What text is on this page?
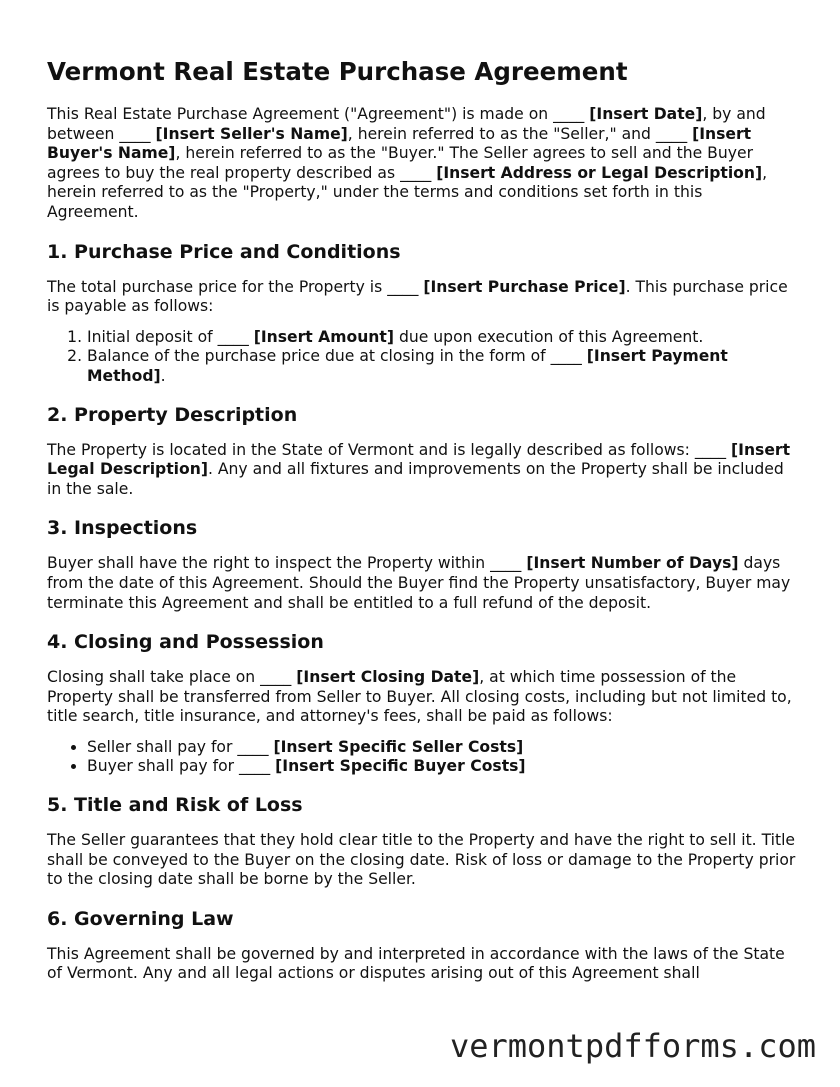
Vermont Real Estate Purchase Agreement

This Real Estate Purchase Agreement ("Agreement") is made on ____ [Insert Date], by and between ____ [Insert Seller's Name], herein referred to as the "Seller," and ____ [Insert Buyer's Name], herein referred to as the "Buyer." The Seller agrees to sell and the Buyer agrees to buy the real property described as ____ [Insert Address or Legal Description], herein referred to as the "Property," under the terms and conditions set forth in this Agreement.

1. Purchase Price and Conditions

The total purchase price for the Property is ____ [Insert Purchase Price]. This purchase price is payable as follows:

1. Initial deposit of ____ [Insert Amount] due upon execution of this Agreement.
2. Balance of the purchase price due at closing in the form of ____ [Insert Payment Method].
2. Property Description

The Property is located in the State of Vermont and is legally described as follows: ____ [Insert Legal Description]. Any and all fixtures and improvements on the Property shall be included in the sale.

3. Inspections

Buyer shall have the right to inspect the Property within ____ [Insert Number of Days] days from the date of this Agreement. Should the Buyer find the Property unsatisfactory, Buyer may terminate this Agreement and shall be entitled to a full refund of the deposit.

4. Closing and Possession

Closing shall take place on ____ [Insert Closing Date], at which time possession of the Property shall be transferred from Seller to Buyer. All closing costs, including but not limited to, title search, title insurance, and attorney's fees, shall be paid as follows:

• Seller shall pay for ____ [Insert Specific Seller Costs]
• Buyer shall pay for ____ [Insert Specific Buyer Costs]
5. Title and Risk of Loss

The Seller guarantees that they hold clear title to the Property and have the right to sell it. Title shall be conveyed to the Buyer on the closing date. Risk of loss or damage to the Property prior to the closing date shall be borne by the Seller.

6. Governing Law

This Agreement shall be governed by and interpreted in accordance with the laws of the State of Vermont. Any and all legal actions or disputes arising out of this Agreement shall

vermontpdfforms.com
